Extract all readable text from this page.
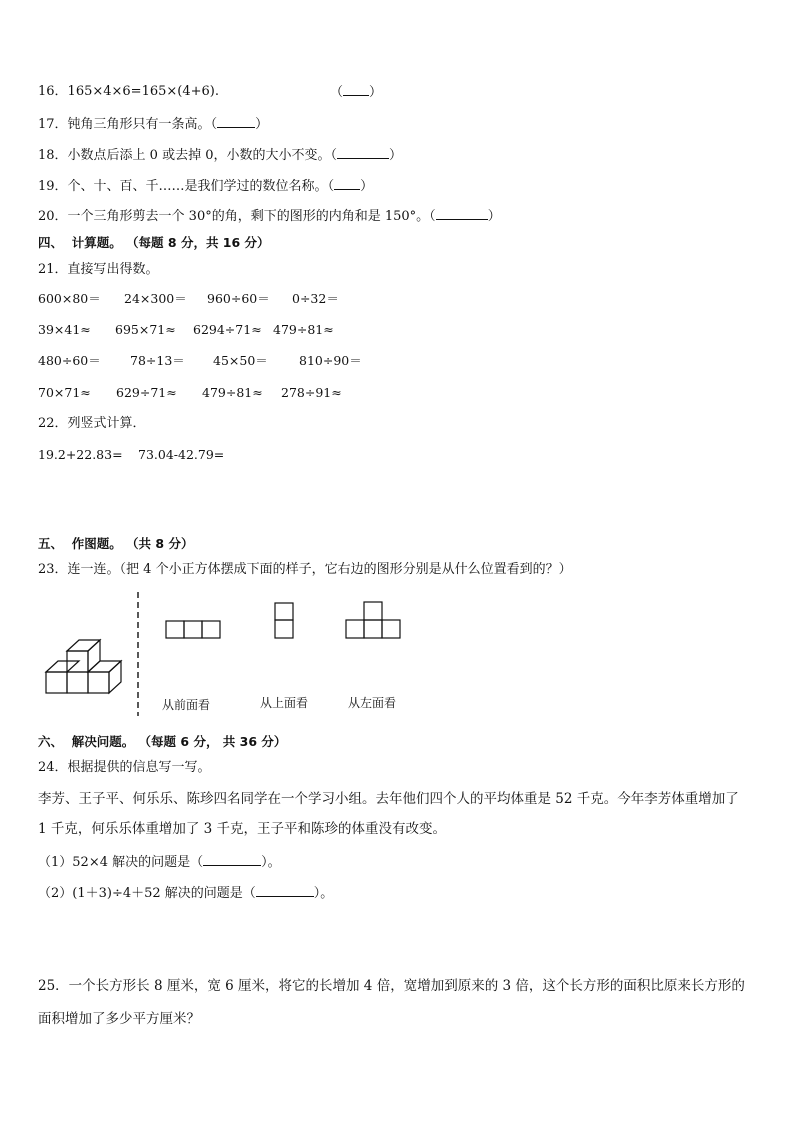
16．165×4×6=165×(4+6).	（ ）
17．钝角三角形只有一条高。（	）
18．小数点后添上 0 或去掉 0，小数的大小不变。（	）
19．个、十、百、千……是我们学过的数位名称。（ ）
20．一个三角形剪去一个 30°的角，剩下的图形的内角和是 150°。（	）
四、  计算题。 （每题 8 分，共 16 分）
21．直接写出得数。
600×80＝ 24×300＝ 960÷60＝ 0÷32＝
39×41≈ 695×71≈ 6294÷71≈ 479÷81≈
480÷60＝ 78÷13＝ 45×50＝ 810÷90＝
70×71≈ 629÷71≈ 479÷81≈ 278÷91≈
22．列竖式计算．
19.2+22.83= 73.04-42.79=
五、  作图题。 （共 8 分）
23．连一连。（把 4 个小正方体摆成下面的样子，它右边的图形分别是从什么位置看到的？）
从前面看	从上面看	从左面看
六、  解决问题。 （每题 6 分， 共 36 分）
24．根据提供的信息写一写。
李芳、王子平、何乐乐、陈珍四名同学在一个学习小组。去年他们四个人的平均体重是 52 千克。今年李芳体重增加了
1 千克，何乐乐体重增加了 3 千克，王子平和陈珍的体重没有改变。
（1）52×4 解决的问题是（	）。
（2）(1＋3)÷4＋52 解决的问题是（	）。
25．一个长方形长 8 厘米，宽 6 厘米，将它的长增加 4 倍，宽增加到原来的 3 倍，这个长方形的面积比原来长方形的
面积增加了多少平方厘米？
